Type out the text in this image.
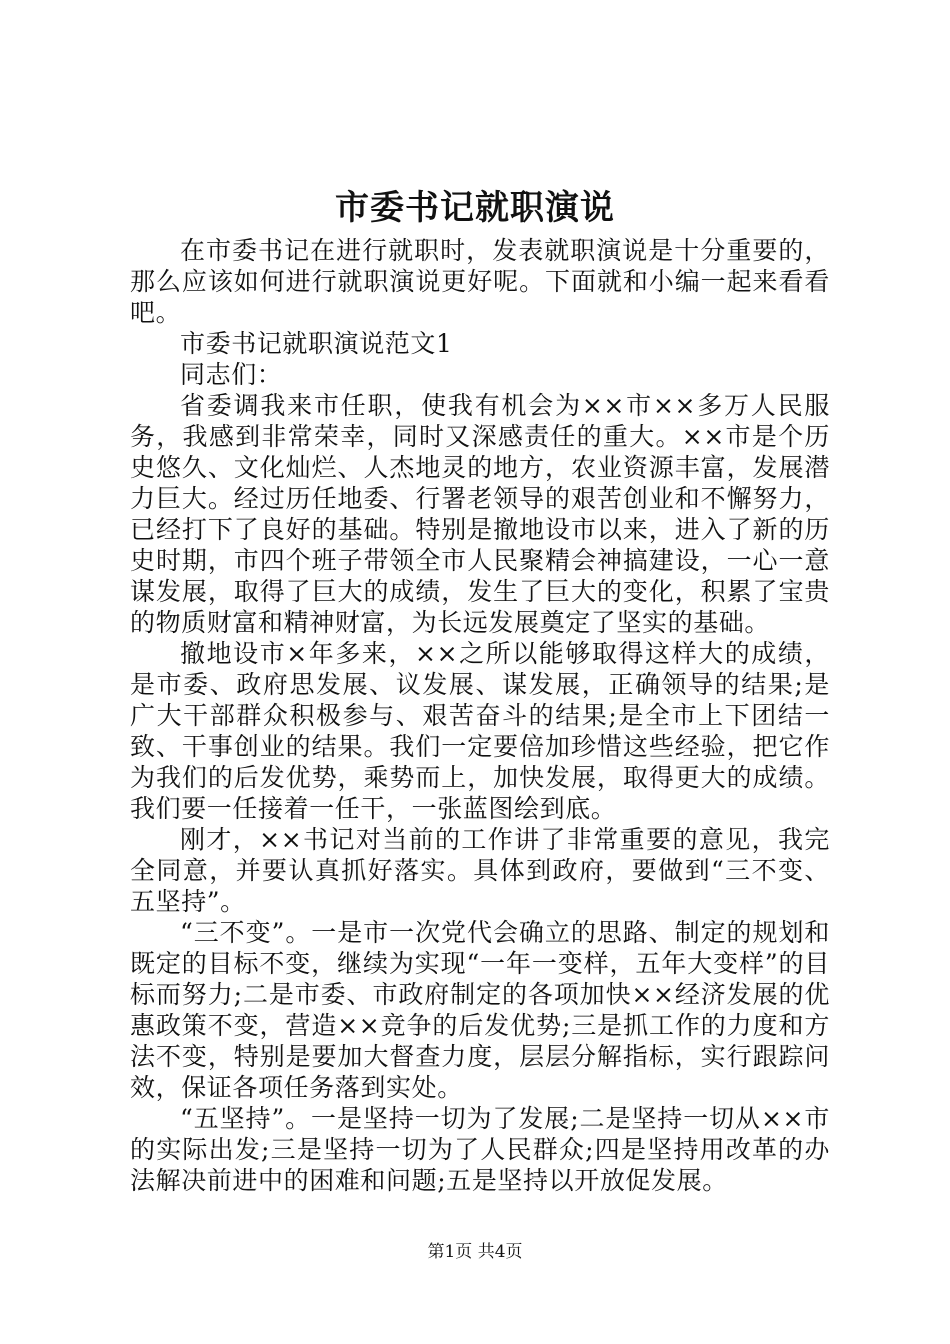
市委书记就职演说

在市委书记在进行就职时，发表就职演说是十分重要的，那么应该如何进行就职演说更好呢。下面就和小编一起来看看吧。

市委书记就职演说范文1

同志们：

省委调我来市任职，使我有机会为××市××多万人民服务，我感到非常荣幸，同时又深感责任的重大。××市是个历史悠久、文化灿烂、人杰地灵的地方，农业资源丰富，发展潜力巨大。经过历任地委、行署老领导的艰苦创业和不懈努力，已经打下了良好的基础。特别是撤地设市以来，进入了新的历史时期，市四个班子带领全市人民聚精会神搞建设，一心一意谋发展，取得了巨大的成绩，发生了巨大的变化，积累了宝贵的物质财富和精神财富，为长远发展奠定了坚实的基础。

撤地设市×年多来，××之所以能够取得这样大的成绩，是市委、政府思发展、议发展、谋发展，正确领导的结果;是广大干部群众积极参与、艰苦奋斗的结果;是全市上下团结一致、干事创业的结果。我们一定要倍加珍惜这些经验，把它作为我们的后发优势，乘势而上，加快发展，取得更大的成绩。我们要一任接着一任干，一张蓝图绘到底。

刚才，××书记对当前的工作讲了非常重要的意见，我完全同意，并要认真抓好落实。具体到政府，要做到“三不变、五坚持”。

“三不变”。一是市一次党代会确立的思路、制定的规划和既定的目标不变，继续为实现“一年一变样，五年大变样”的目标而努力;二是市委、市政府制定的各项加快××经济发展的优惠政策不变，营造××竞争的后发优势;三是抓工作的力度和方法不变，特别是要加大督查力度，层层分解指标，实行跟踪问效，保证各项任务落到实处。

“五坚持”。一是坚持一切为了发展;二是坚持一切从××市的实际出发;三是坚持一切为了人民群众;四是坚持用改革的办法解决前进中的困难和问题;五是坚持以开放促发展。

第1页 共4页
